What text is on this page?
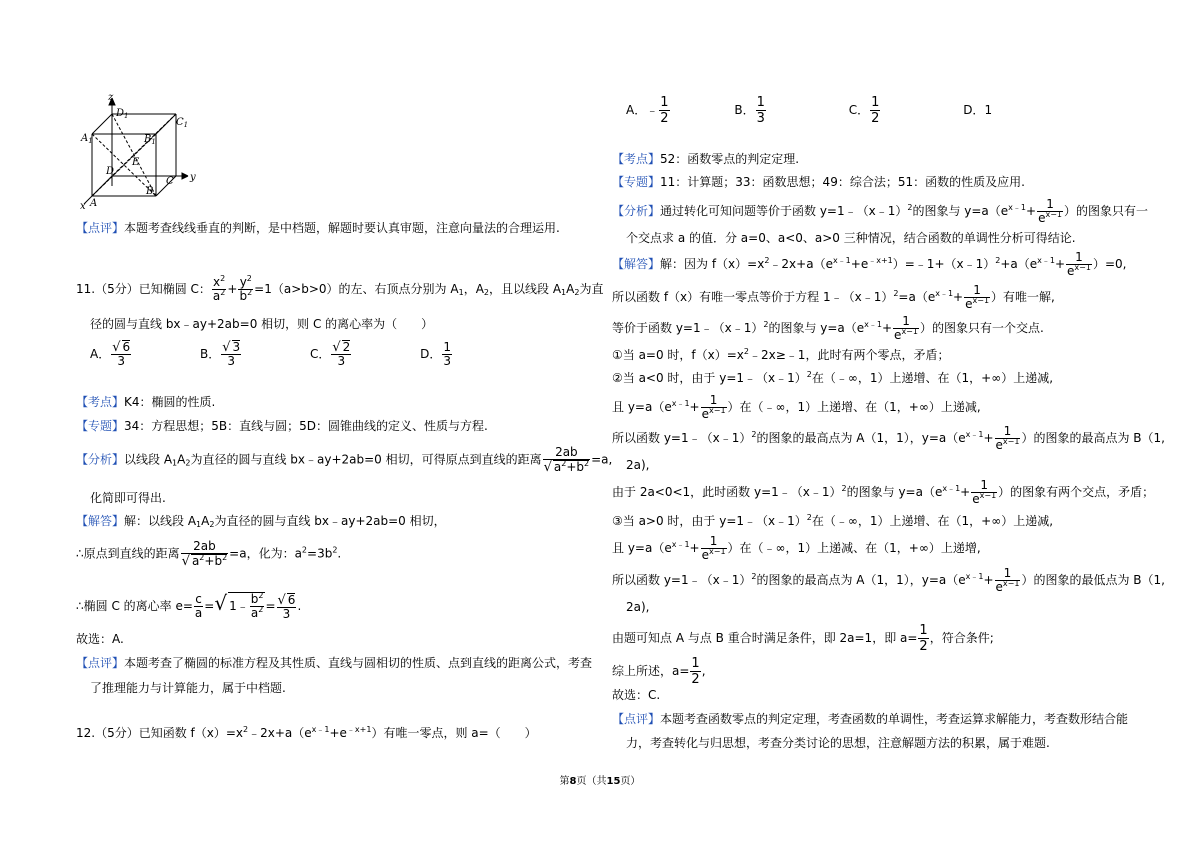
z
y
x
$D_1$
$C_1$
$A_1$	$B_1$
E
D
C
A
B
【点评】本题考查线线垂直的判断，是中档题，解题时要认真审题，注意向量法的合理运用.
11.（5分）已知椭圆 C： $\frac{x^2}{a^2} + \frac{y^2}{b^2} =1(a>b>0)$的左、右顶点分别为 $A_1$，$A_2$，且以线段 $A_1A_2$为直
径的圆与直线 bx﹣ay+2ab=0 相切，则 C 的离心率为（　　）
A． $\frac{√ 6}{3}$	B． $\frac{√ 3}{3}$	C． $\frac{√ 2}{3}$	D． $\frac{1}{3}$
【考点】K4：椭圆的性质.
【专题】34：方程思想；5B：直线与圆；5D：圆锥曲线的定义、性质与方程.
【分析】以线段 $A_1A_2$为直径的圆与直线 bx﹣ay+2ab=0 相切，可得原点到直线的距离 $\frac{2ab}{√ a^2+b^2} =a$,
化简即可得出.
【解答】解：以线段 $A_1A_2$为直径的圆与直线 bx﹣ay+2ab=0 相切，
∴原点到直线的距离 $\frac{2ab}{√ a^2+b^2} =a$，化为：$a^2=3b^2$.
∴椭圆 C 的离心率 $e= \frac{c}{a}$ =√ 1﹣ $\frac{b^2}{a^2} = \frac{√ 6}{3}$ .
故选：A.
【点评】本题考查了椭圆的标准方程及其性质、直线与圆相切的性质、点到直线的距离公式，考查
了推理能力与计算能力，属于中档题.
12.（5分）已知函数 $f(x)=x^2﹣2x+a(e^{x﹣1}+e^{﹣x+1})$有唯一零点，则 a=（　　）
A．﹣ $\frac{1}{2}$	B． $\frac{1}{3}$	C． $\frac{1}{2}$	D．1
【考点】52：函数零点的判定定理.
【专题】11：计算题；33：函数思想；49：综合法；51：函数的性质及应用.
【分析】通过转化可知问题等价于函数 y=1﹣（x﹣1）$^2$的图象与 $y=a(e^{x﹣1}+ \frac{1}{e^{x-1}}$ ）的图象只有一
个交点求 a 的值．分 a=0、a<0、a>0 三种情况，结合函数的单调性分析可得结论.
【解答】解：因为 $f(x)=x^2﹣2x+a(e^{x﹣1}+e^{﹣x+1})=﹣1+(x﹣1)^2+a(e^{x﹣1}+ \frac{1}{e^{x-1}} )=0$,
所以函数 f（x）有唯一零点等价于方程 $1﹣(x﹣1)^2=a(e^{x﹣1}+ \frac{1}{e^{x-1}}$ ）有唯一解,
等价于函数 y=1﹣（x﹣1）$^2$的图象与 $y=a(e^{x﹣1}+ \frac{1}{e^{x-1}}$ ）的图象只有一个交点.
①当 a=0 时，$f(x)=x^2﹣2x\ge﹣1$，此时有两个零点，矛盾；
②当 a<0 时，由于 y=1﹣（x﹣1）$^2$在（﹣∞，1）上递增、在（1，+∞）上递减,
且 $y=a(e^{x﹣1}+ \frac{1}{e^{x-1}}$ ）在（﹣∞，1）上递增、在（1，+∞）上递减,
所以函数 y=1﹣（x﹣1）$^2$的图象的最高点为 A（1，1），$y=a(e^{x﹣1}+ \frac{1}{e^{x-1}}$ ）的图象的最高点为 B（1,
2a),
由于 2a<0<1，此时函数 y=1﹣（x﹣1）$^2$的图象与 $y=a(e^{x﹣1}+ \frac{1}{e^{x-1}}$ ）的图象有两个交点，矛盾；
③当 a>0 时，由于 y=1﹣（x﹣1）$^2$在（﹣∞，1）上递增、在（1，+∞）上递减,
且 $y=a(e^{x﹣1}+ \frac{1}{e^{x-1}}$ ）在（﹣∞，1）上递减、在（1，+∞）上递增,
所以函数 y=1﹣（x﹣1）$^2$的图象的最高点为 A（1，1），$y=a(e^{x﹣1}+ \frac{1}{e^{x-1}}$ ）的图象的最低点为 B（1,
2a),
由题可知点 A 与点 B 重合时满足条件，即 2a=1，即 $a= \frac{1}{2}$ ，符合条件;
综上所述，$a= \frac{1}{2}$ ,
故选：C.
【点评】本题考查函数零点的判定定理，考查函数的单调性，考查运算求解能力，考查数形结合能
力，考查转化与归思想，考查分类讨论的思想，注意解题方法的积累，属于难题.
第8页（共15页）
